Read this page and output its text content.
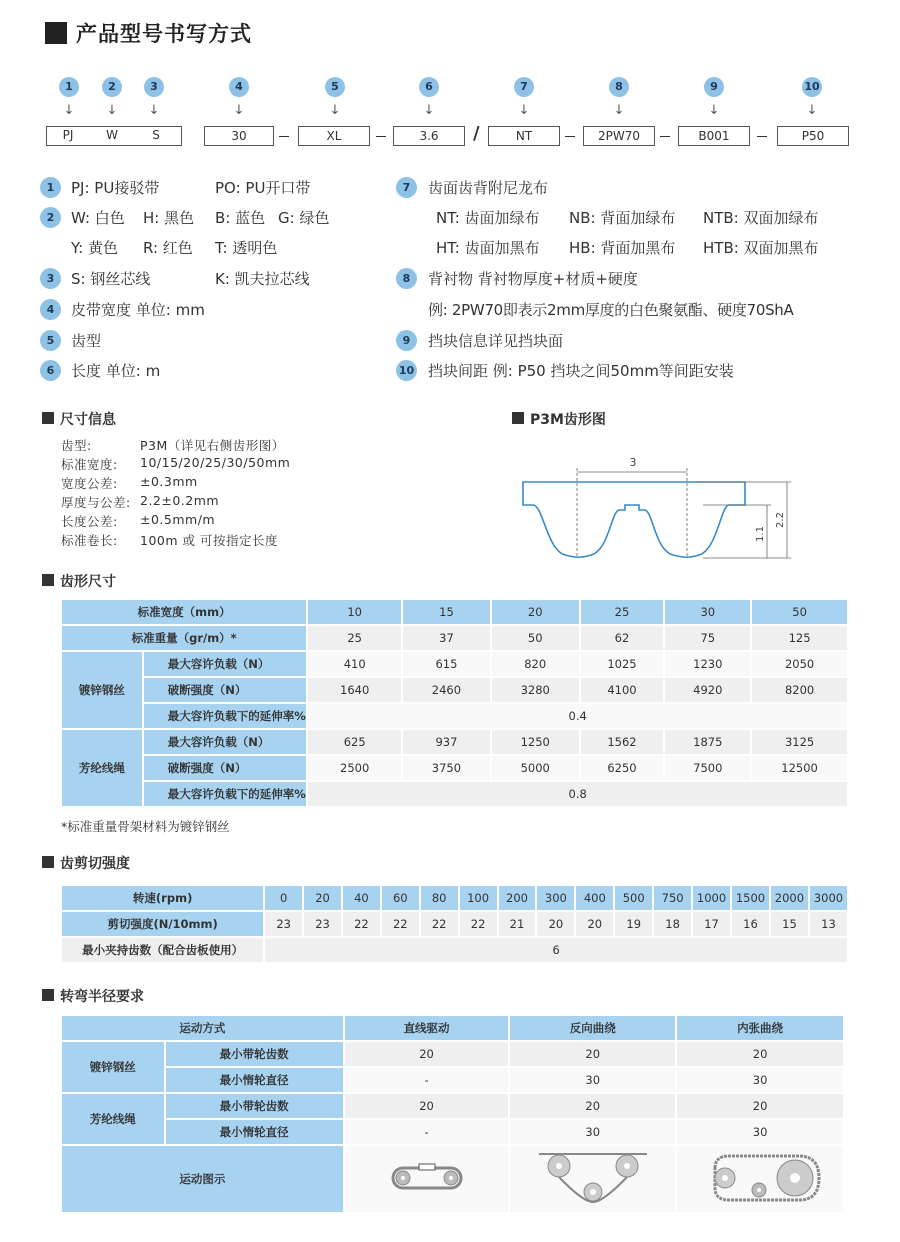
产品型号书写方式
1	2	3	4	5	6	7	8	9	10
↓	↓	↓	↓	↓	↓	↓	↓	↓	↓
PJ	W	S	30	XL	3.6	/	NT	2PW70	B001	P50
1	PJ: PU接驳带	PO: PU开口带
2	W: 白色 H: 黑色 B: 蓝色 G: 绿色
Y: 黄色 R: 红色 T: 透明色
3	S: 钢丝芯线	K: 凯夫拉芯线
4	皮带宽度 单位: mm
5	齿型
6	长度 单位: m
7	齿面齿背附尼龙布
NT: 齿面加绿布 NB: 背面加绿布 NTB: 双面加绿布
HT: 齿面加黑布 HB: 背面加黑布 HTB: 双面加黑布
8	背衬物 背衬物厚度+材质+硬度
例: 2PW70即表示2mm厚度的白色聚氨酯、硬度70ShA
9	挡块信息详见挡块面
10 挡块间距 例: P50 挡块之间50mm等间距安装
尺寸信息
齿型:	P3M（详见右侧齿形图）
标准宽度: 10/15/20/25/30/50mm
宽度公差: ±0.3mm
厚度与公差: 2.2±0.2mm
长度公差: ±0.5mm/m
标准卷长: 100m 或 可按指定长度
P3M齿形图
3
1.1
2.2
齿形尺寸
标准宽度（mm）		10	15	20	25	30	50
标准重量（gr/m）*		25	37	50	62	75	125
镀锌钢丝	最大容许负载（N）	410	615	820	1025	1230	2050
	破断强度（N）	1640	2460	3280	4100	4920	8200
	最大容许负载下的延伸率%	0.4					
芳纶线绳	最大容许负载（N）	625	937	1250	1562	1875	3125
	破断强度（N）	2500	3750	5000	6250	7500	12500
	最大容许负载下的延伸率%	0.8					
*标准重量骨架材料为镀锌钢丝
齿剪切强度
转速(rpm)	0	20	40	60	80	100	200	300	400	500	750	1000	1500	2000	3000
剪切强度(N/10mm)	23	23	22	22	22	22	21	20	20	19	18	17	16	15	13
最小夹持齿数（配合齿板使用）	6														
转弯半径要求
运动方式		直线驱动	反向曲绕	内张曲绕
镀锌钢丝	最小带轮齿数	20	20	20
	最小惰轮直径	-	30	30
芳纶线绳	最小带轮齿数	20	20	20
	最小惰轮直径	-	30	30
运动图示			
